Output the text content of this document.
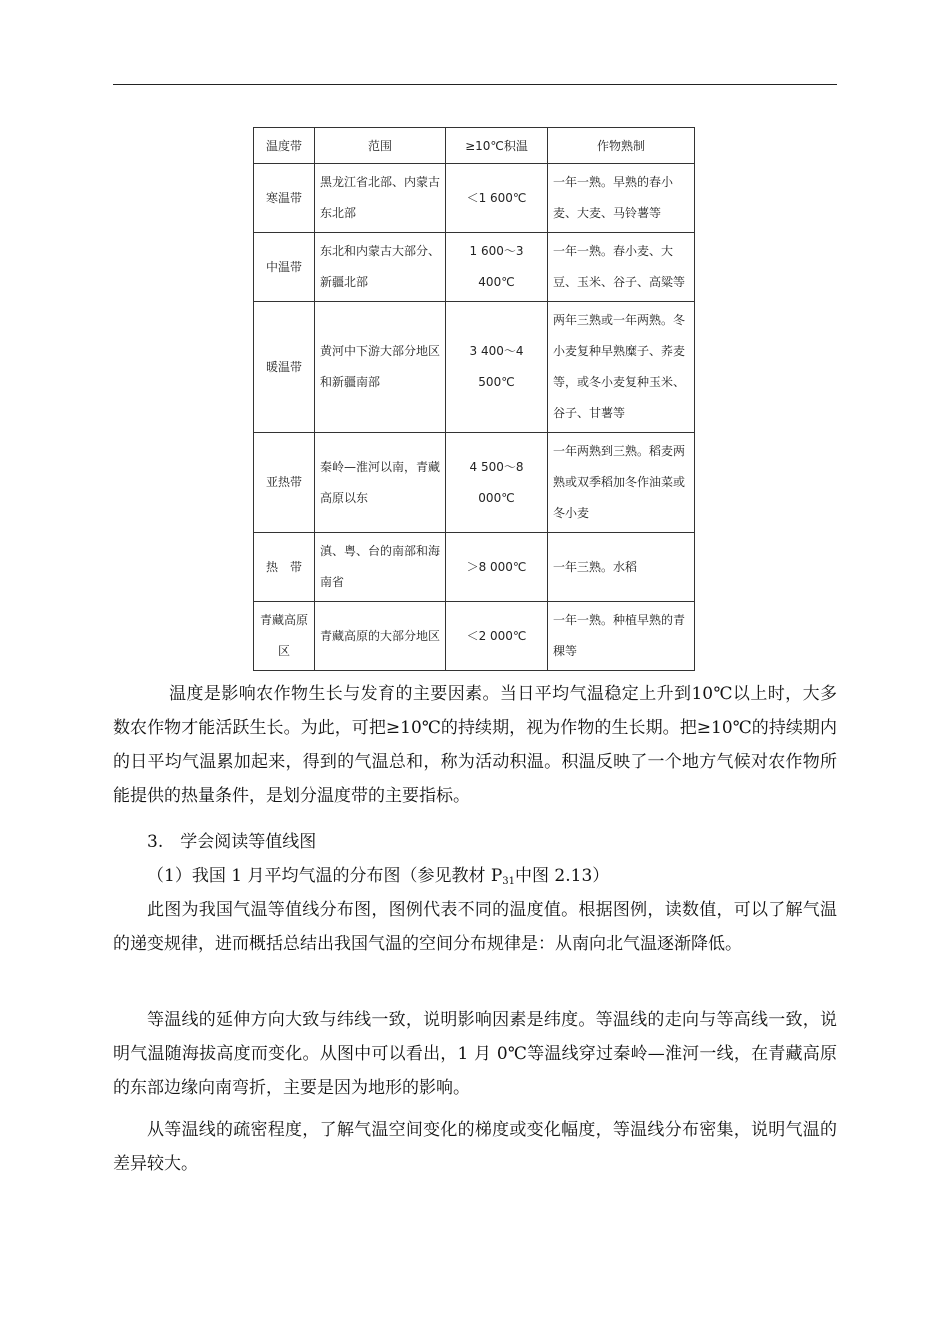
温度带	范围	≥10℃积温	作物熟制
寒温带	黑龙江省北部、内蒙古东北部	＜1 600℃	一年一熟。早熟的春小麦、大麦、马铃薯等
中温带	东北和内蒙古大部分、新疆北部	1 600～3 400℃	一年一熟。春小麦、大豆、玉米、谷子、高粱等
暖温带	黄河中下游大部分地区和新疆南部	3 400～4 500℃	两年三熟或一年两熟。冬小麦复种早熟糜子、荞麦等，或冬小麦复种玉米、谷子、甘薯等
亚热带	秦岭—淮河以南，青藏高原以东	4 500～8 000℃	一年两熟到三熟。稻麦两熟或双季稻加冬作油菜或冬小麦
热　带	滇、粤、台的南部和海南省	＞8 000℃	一年三熟。水稻
青藏高原区	青藏高原的大部分地区	＜2 000℃	一年一熟。种植早熟的青稞等

温度是影响农作物生长与发育的主要因素。当日平均气温稳定上升到10℃以上时，大多数农作物才能活跃生长。为此，可把≥10℃的持续期，视为作物的生长期。把≥10℃的持续期内的日平均气温累加起来，得到的气温总和，称为活动积温。积温反映了一个地方气候对农作物所能提供的热量条件，是划分温度带的主要指标。

3.　学会阅读等值线图

（1）我国 1 月平均气温的分布图（参见教材 $P_{31}$中图 2.13）

此图为我国气温等值线分布图，图例代表不同的温度值。根据图例，读数值，可以了解气温的递变规律，进而概括总结出我国气温的空间分布规律是：从南向北气温逐渐降低。

等温线的延伸方向大致与纬线一致，说明影响因素是纬度。等温线的走向与等高线一致，说明气温随海拔高度而变化。从图中可以看出，1 月 0℃等温线穿过秦岭—淮河一线，在青藏高原的东部边缘向南弯折，主要是因为地形的影响。

从等温线的疏密程度，了解气温空间变化的梯度或变化幅度，等温线分布密集，说明气温的差异较大。
